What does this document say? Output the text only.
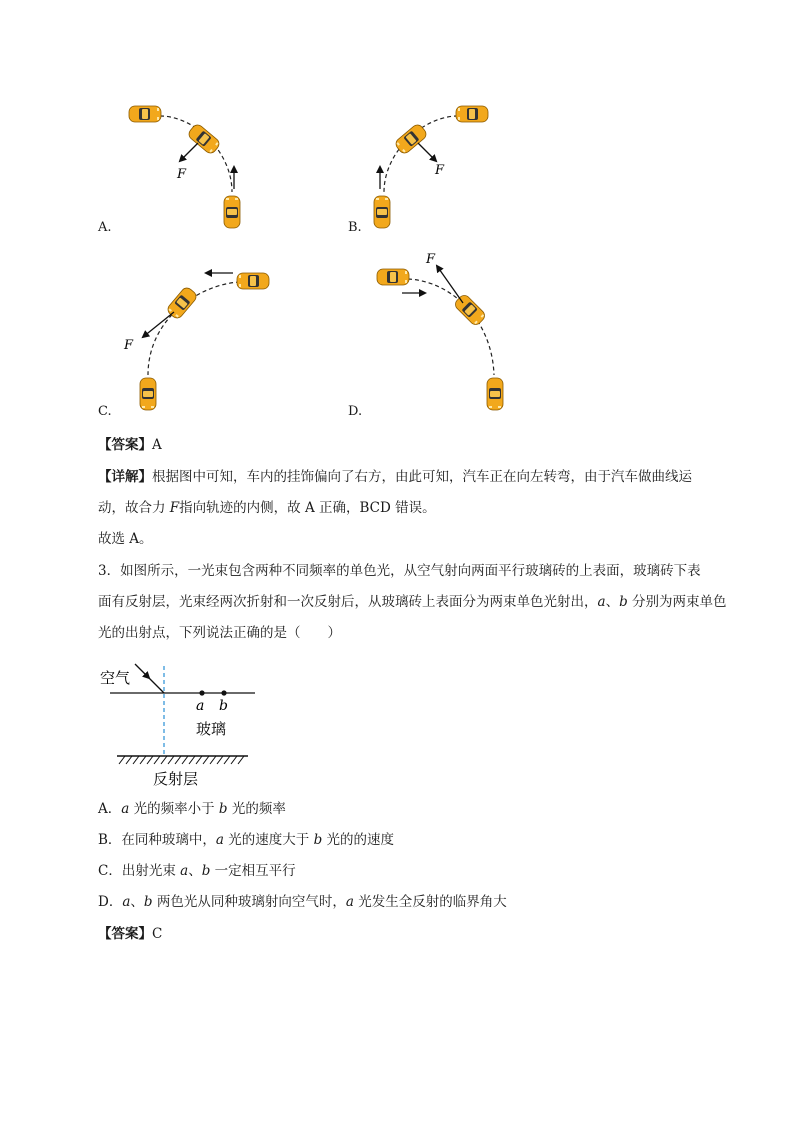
F	F
F
F
A.	B.
C.	D.
【答案】A
【详解】根据图中可知，车内的挂饰偏向了右方，由此可知，汽车正在向左转弯，由于汽车做曲线运
动，故合力 F指向轨迹的内侧，故 A 正确，BCD 错误。
故选 A。
3．如图所示，一光束包含两种不同频率的单色光，从空气射向两面平行玻璃砖的上表面，玻璃砖下表
面有反射层，光束经两次折射和一次反射后，从玻璃砖上表面分为两束单色光射出，a、b 分别为两束单色
光的出射点，下列说法正确的是（　　）
空气
a b
玻璃
反射层
A．a 光的频率小于 b 光的频率
B．在同种玻璃中，a 光的速度大于 b 光的的速度
C．出射光束 a、b 一定相互平行
D．a、b 两色光从同种玻璃射向空气时，a 光发生全反射的临界角大
【答案】C
